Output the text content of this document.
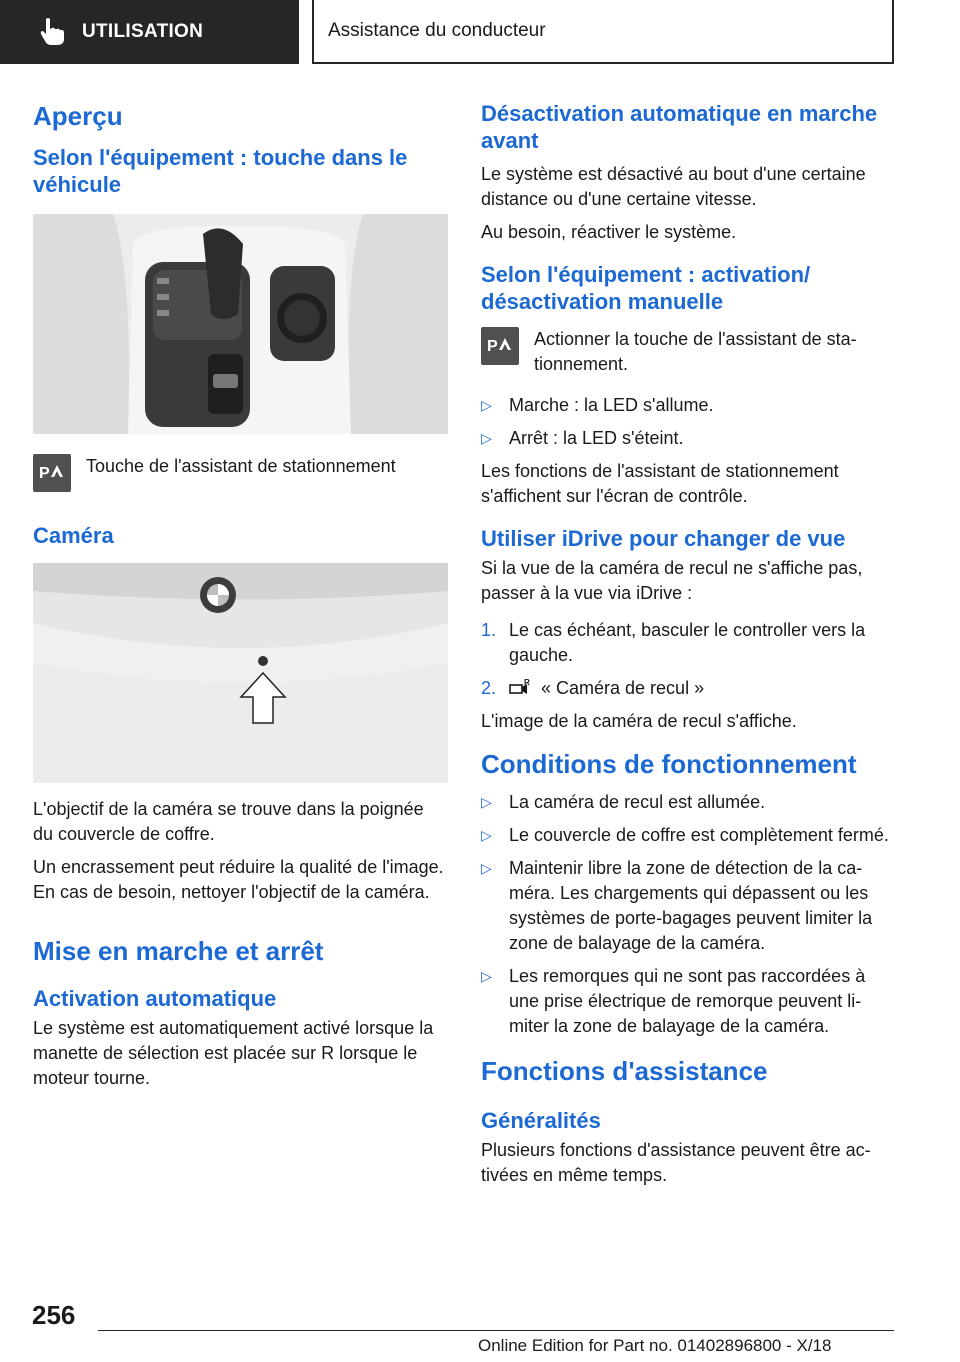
UTILISATION	Assistance du conducteur
Aperçu
Selon l'équipement : touche dans le véhicule
P Touche de l'assistant de stationnement

Caméra

L'objectif de la caméra se trouve dans la poignée du couvercle de coffre.

Un encrassement peut réduire la qualité de l'image. En cas de besoin, nettoyer l'objectif de la caméra.

Mise en marche et arrêt
Activation automatique

Le système est automatiquement activé lorsque la manette de sélection est placée sur R lorsque le moteur tourne.

Désactivation automatique en marche avant

Le système est désactivé au bout d'une certaine distance ou d'une certaine vitesse.

Au besoin, réactiver le système.

Selon l'équipement : activation/ désactivation manuelle
P Actionner la touche de l'assistant de sta-tionnement.

▷ Marche : la LED s'allume.
▷ Arrêt : la LED s'éteint.

Les fonctions de l'assistant de stationnement s'affichent sur l'écran de contrôle.

Utiliser iDrive pour changer de vue

Si la vue de la caméra de recul ne s'affiche pas, passer à la vue via iDrive :

1. Le cas échéant, basculer le controller vers la gauche.
2.	R « Caméra de recul »

L'image de la caméra de recul s'affiche.

Conditions de fonctionnement
▷ La caméra de recul est allumée.
▷ Le couvercle de coffre est complètement fermé.
▷ Maintenir libre la zone de détection de la ca-méra. Les chargements qui dépassent ou les systèmes de porte-bagages peuvent limiter la zone de balayage de la caméra.
▷ Les remorques qui ne sont pas raccordées à une prise électrique de remorque peuvent li-miter la zone de balayage de la caméra.
Fonctions d'assistance
Généralités

Plusieurs fonctions d'assistance peuvent être ac-tivées en même temps.

256
Online Edition for Part no. 01402896800 - X/18
